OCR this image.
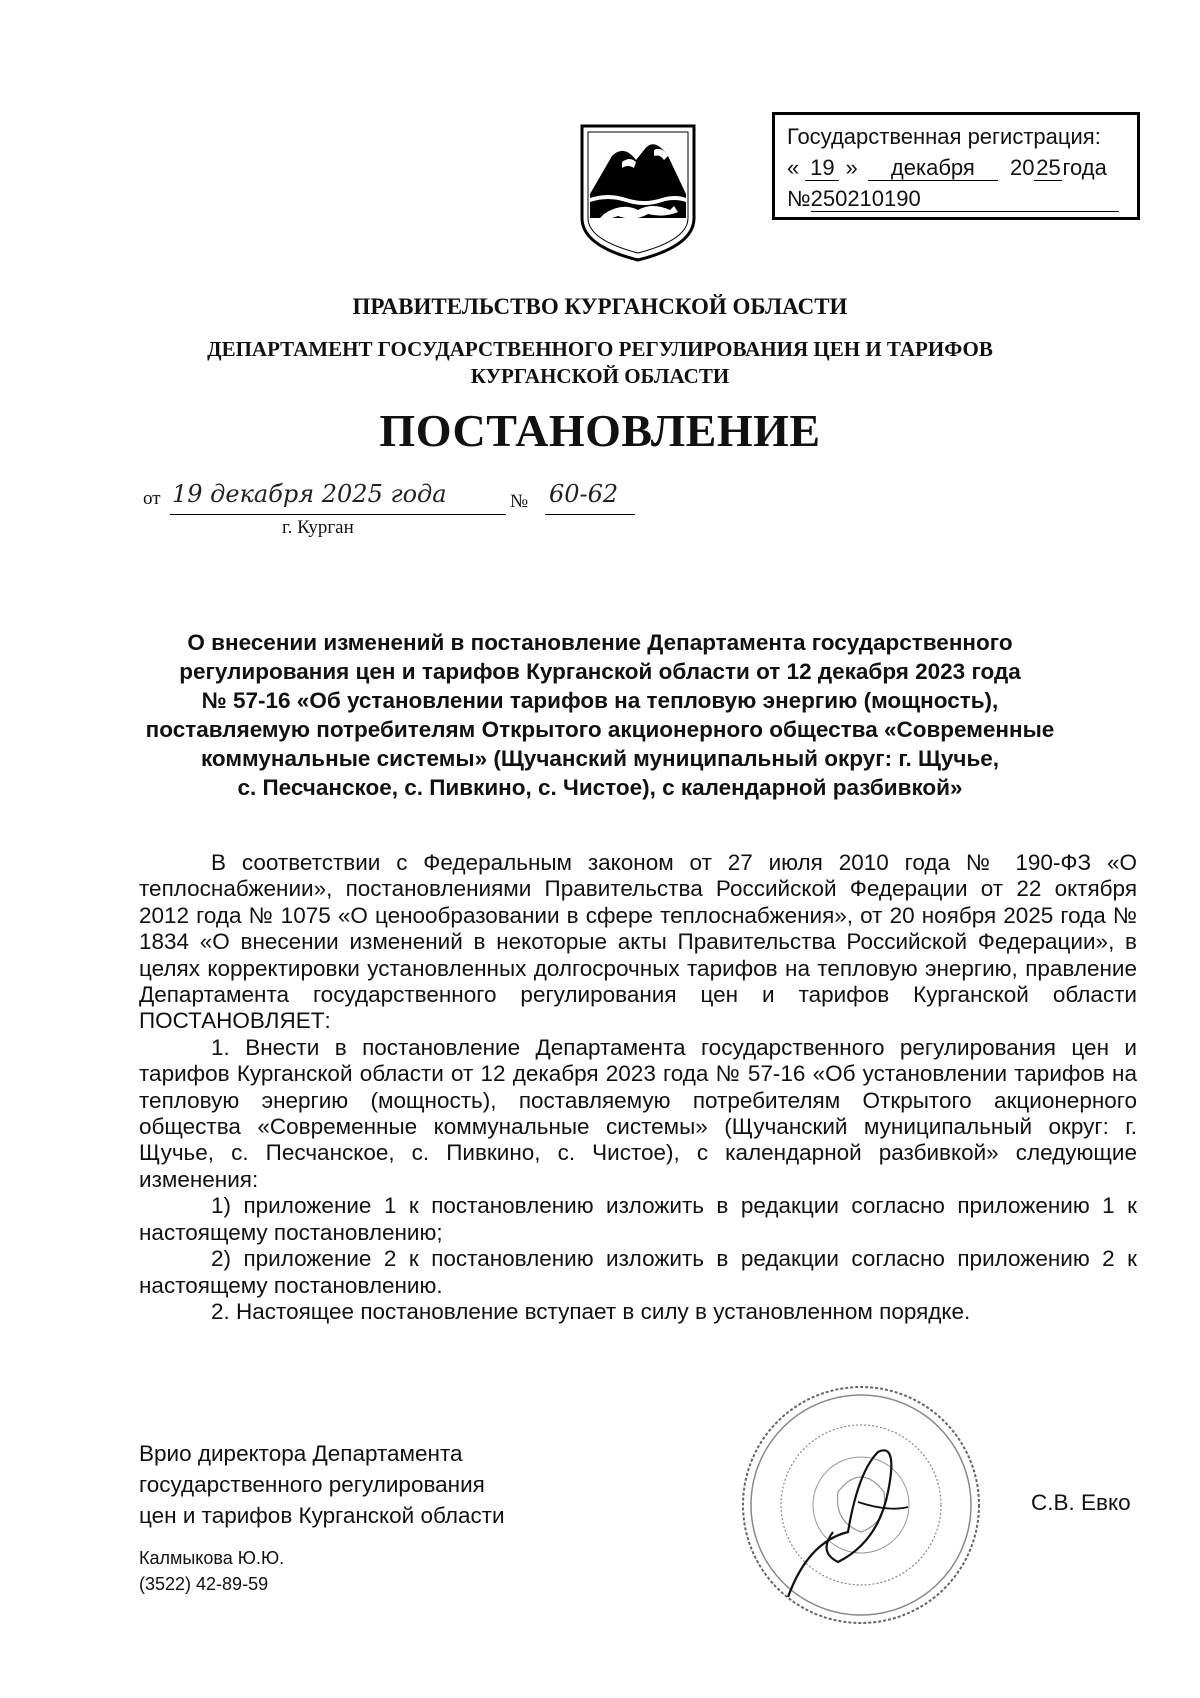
Государственная регистрация:
« 19 » декабря 2025года
№250210190
ПРАВИТЕЛЬСТВО КУРГАНСКОЙ ОБЛАСТИ
ДЕПАРТАМЕНТ ГОСУДАРСТВЕННОГО РЕГУЛИРОВАНИЯ ЦЕН И ТАРИФОВ
КУРГАНСКОЙ ОБЛАСТИ
ПОСТАНОВЛЕНИЕ
от 19 декабря 2025 года	№ 60-62
г. Курган
О внесении изменений в постановление Департамента государственного
регулирования цен и тарифов Курганской области от 12 декабря 2023 года
№ 57-16 «Об установлении тарифов на тепловую энергию (мощность),
поставляемую потребителям Открытого акционерного общества «Современные
коммунальные системы» (Щучанский муниципальный округ: г. Щучье,
с. Песчанское, с. Пивкино, с. Чистое), с календарной разбивкой»

В соответствии с Федеральным законом от 27 июля 2010 года № 190-ФЗ «О теплоснабжении», постановлениями Правительства Российской Федерации от 22 октября 2012 года № 1075 «О ценообразовании в сфере теплоснабжения», от 20 ноября 2025 года № 1834 «О внесении изменений в некоторые акты Правительства Российской Федерации», в целях корректировки установленных долгосрочных тарифов на тепловую энергию, правление Департамента государственного регулирования цен и тарифов Курганской области ПОСТАНОВЛЯЕТ:

1. Внести в постановление Департамента государственного регулирования цен и тарифов Курганской области от 12 декабря 2023 года № 57-16 «Об установлении тарифов на тепловую энергию (мощность), поставляемую потребителям Открытого акционерного общества «Современные коммунальные системы» (Щучанский муниципальный округ: г. Щучье, с. Песчанское, с. Пивкино, с. Чистое), с календарной разбивкой» следующие изменения:

1) приложение 1 к постановлению изложить в редакции согласно приложению 1 к настоящему постановлению;

2) приложение 2 к постановлению изложить в редакции согласно приложению 2 к настоящему постановлению.

2. Настоящее постановление вступает в силу в установленном порядке.

Врио директора Департамента
государственного регулирования
цен и тарифов Курганской области
С.В. Евко
Калмыкова Ю.Ю.
(3522) 42-89-59
